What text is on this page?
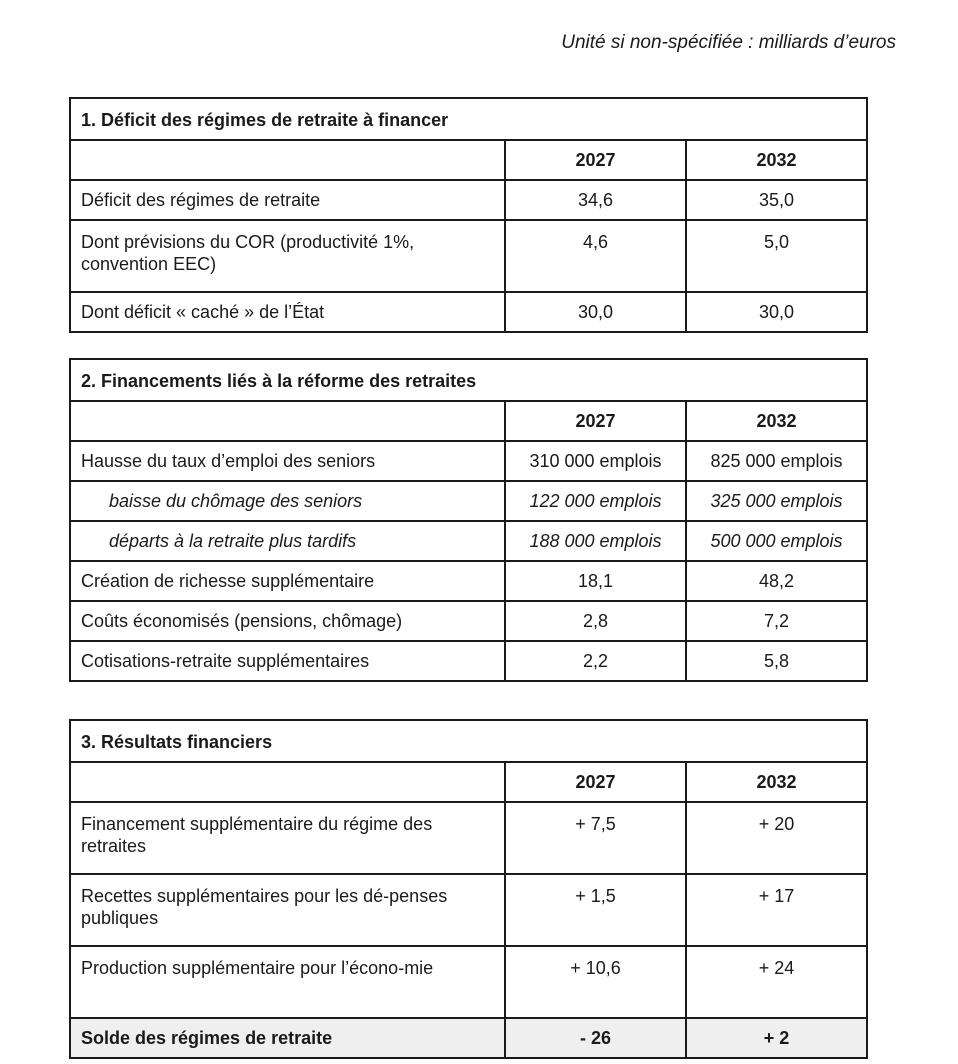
Unité si non-spécifiée : milliards d’euros
1. Déficit des régimes de retraite à financer		
	2027	2032
Déficit des régimes de retraite	34,6	35,0
Dont prévisions du COR (productivité 1%, convention EEC)	4,6	5,0
Dont déficit « caché » de l’État	30,0	30,0
2. Financements liés à la réforme des retraites		
	2027	2032
Hausse du taux d’emploi des seniors	310 000 emplois	825 000 emplois
baisse du chômage des seniors	122 000 emplois	325 000 emplois
départs à la retraite plus tardifs	188 000 emplois	500 000 emplois
Création de richesse supplémentaire	18,1	48,2
Coûts économisés (pensions, chômage)	2,8	7,2
Cotisations-retraite supplémentaires	2,2	5,8
3. Résultats financiers		
	2027	2032
Financement supplémentaire du régime des retraites	+ 7,5	+ 20
Recettes supplémentaires pour les dé-penses publiques	+ 1,5	+ 17
Production supplémentaire pour l’écono-mie	+ 10,6	+ 24
Solde des régimes de retraite	- 26	+ 2
